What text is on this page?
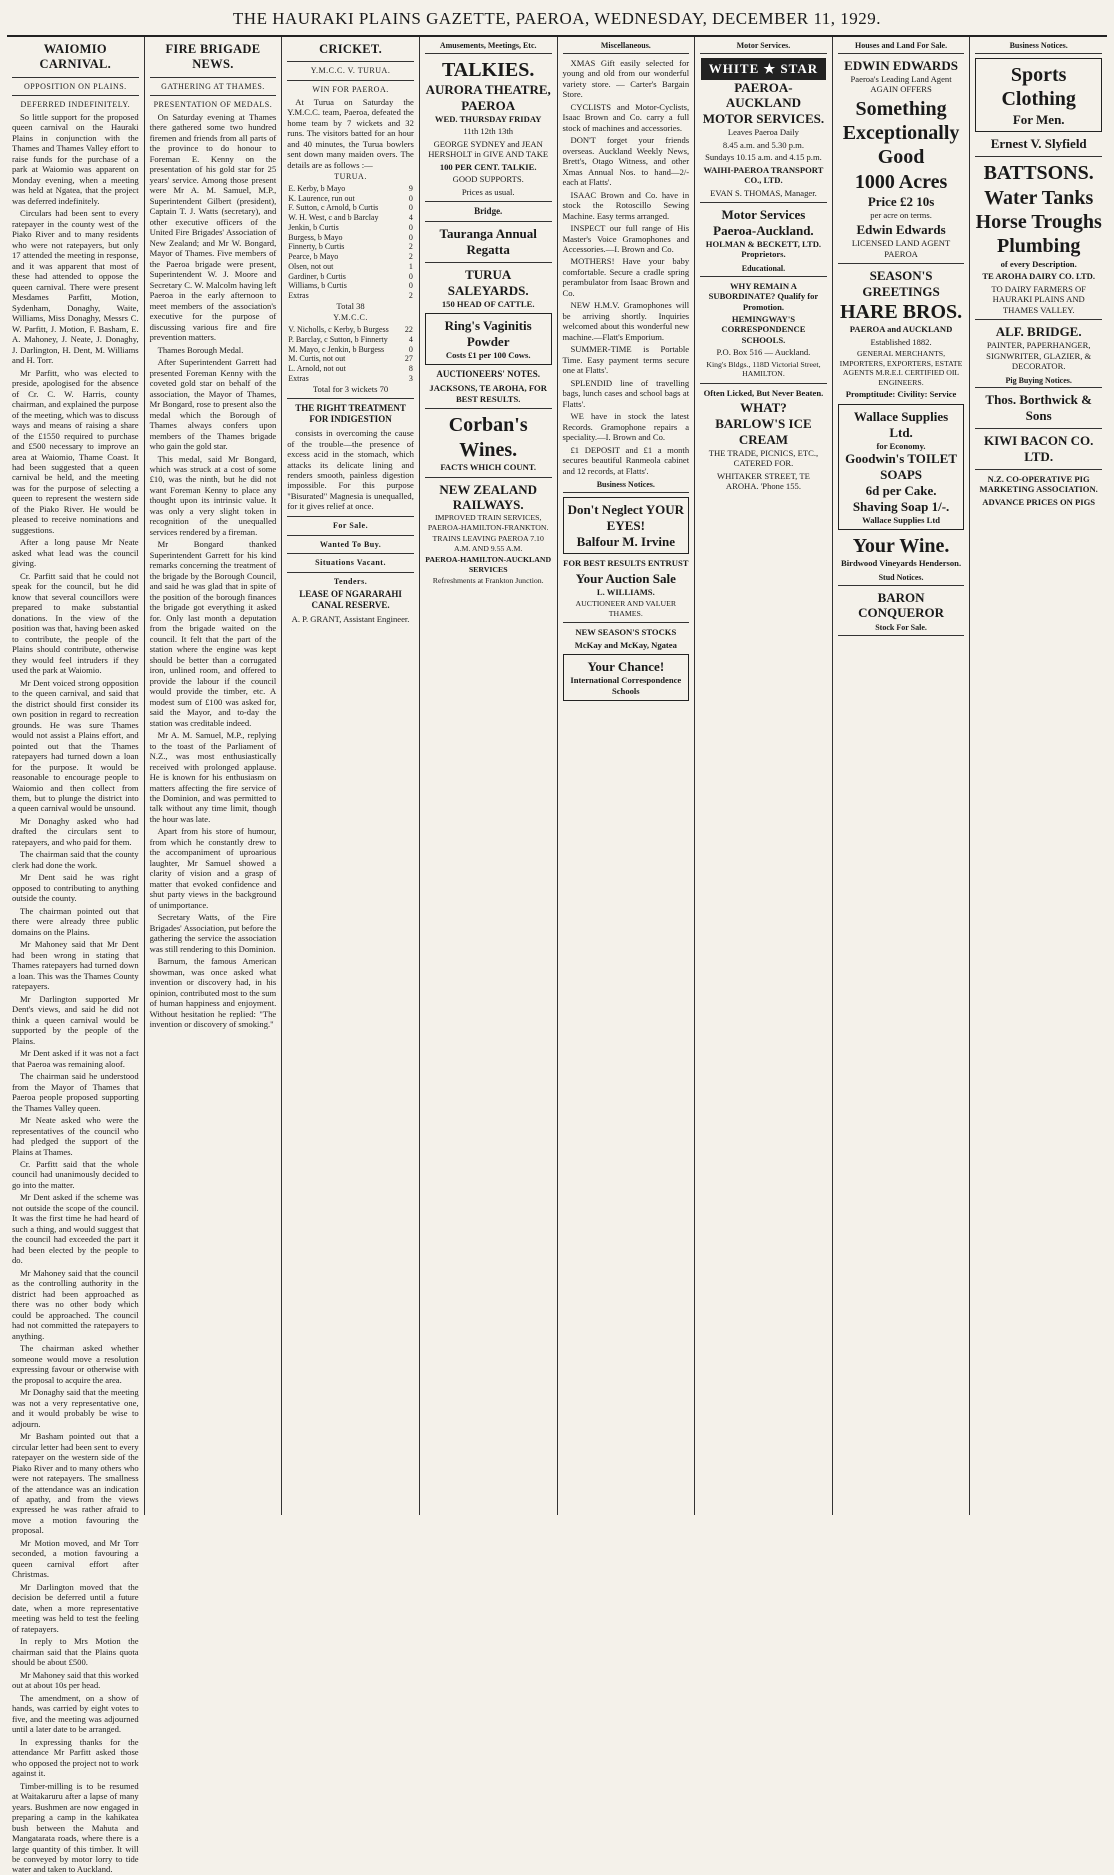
THE HAURAKI PLAINS GAZETTE, PAEROA, WEDNESDAY, DECEMBER 11, 1929.
WAIOMIO CARNIVAL.
OPPOSITION ON PLAINS.
DEFERRED INDEFINITELY.

So little support for the proposed queen carnival on the Hauraki Plains in conjunction with the Thames and Thames Valley effort to raise funds for the purchase of a park at Waiomio was apparent on Monday evening, when a meeting was held at Ngatea, that the project was deferred indefinitely.

Circulars had been sent to every ratepayer in the county west of the Piako River and to many residents who were not ratepayers, but only 17 attended the meeting in response, and it was apparent that most of these had attended to oppose the queen carnival. There were present Mesdames Parfitt, Motion, Sydenham, Donaghy, Waite, Williams, Miss Donaghy, Messrs C. W. Parfitt, J. Motion, F. Basham, E. A. Mahoney, J. Neate, J. Donaghy, J. Darlington, H. Dent, M. Williams and H. Torr.

Mr Parfitt, who was elected to preside, apologised for the absence of Cr. C. W. Harris, county chairman, and explained the purpose of the meeting, which was to discuss ways and means of raising a share of the £1550 required to purchase and £500 necessary to improve an area at Waiomio, Thame Coast. It had been suggested that a queen carnival be held, and the meeting was for the purpose of selecting a queen to represent the western side of the Piako River. He would be pleased to receive nominations and suggestions.

After a long pause Mr Neate asked what lead was the council giving.

Cr. Parfitt said that he could not speak for the council, but he did know that several councillors were prepared to make substantial donations. In the view of the position was that, having been asked to contribute, the people of the Plains should contribute, otherwise they would feel intruders if they used the park at Waiomio.

Mr Dent voiced strong opposition to the queen carnival, and said that the district should first consider its own position in regard to recreation grounds. He was sure Thames would not assist a Plains effort, and pointed out that the Thames ratepayers had turned down a loan for the purpose. It would be reasonable to encourage people to Waiomio and then collect from them, but to plunge the district into a queen carnival would be unsound.

Mr Donaghy asked who had drafted the circulars sent to ratepayers, and who paid for them.

The chairman said that the county clerk had done the work.

Mr Dent said he was right opposed to contributing to anything outside the county.

The chairman pointed out that there were already three public domains on the Plains.

Mr Mahoney said that Mr Dent had been wrong in stating that Thames ratepayers had turned down a loan. This was the Thames County ratepayers.

Mr Darlington supported Mr Dent's views, and said he did not think a queen carnival would be supported by the people of the Plains.

Mr Dent asked if it was not a fact that Paeroa was remaining aloof.

The chairman said he understood from the Mayor of Thames that Paeroa people proposed supporting the Thames Valley queen.

Mr Neate asked who were the representatives of the council who had pledged the support of the Plains at Thames.

Cr. Parfitt said that the whole council had unanimously decided to go into the matter.

Mr Dent asked if the scheme was not outside the scope of the council. It was the first time he had heard of such a thing, and would suggest that the council had exceeded the part it had been elected by the people to do.

Mr Mahoney said that the council as the controlling authority in the district had been approached as there was no other body which could be approached. The council had not committed the ratepayers to anything.

The chairman asked whether someone would move a resolution expressing favour or otherwise with the proposal to acquire the area.

Mr Donaghy said that the meeting was not a very representative one, and it would probably be wise to adjourn.

Mr Basham pointed out that a circular letter had been sent to every ratepayer on the western side of the Piako River and to many others who were not ratepayers. The smallness of the attendance was an indication of apathy, and from the views expressed he was rather afraid to move a motion favouring the proposal.

Mr Motion moved, and Mr Torr seconded, a motion favouring a queen carnival effort after Christmas.

Mr Darlington moved that the decision be deferred until a future date, when a more representative meeting was held to test the feeling of ratepayers.

In reply to Mrs Motion the chairman said that the Plains quota should be about £500.

Mr Mahoney said that this worked out at about 10s per head.

The amendment, on a show of hands, was carried by eight votes to five, and the meeting was adjourned until a later date to be arranged.

In expressing thanks for the attendance Mr Parfitt asked those who opposed the project not to work against it.

Timber-milling is to be resumed at Waitakaruru after a lapse of many years. Bushmen are now engaged in preparing a camp in the kahikatea bush between the Mahuta and Mangatarata roads, where there is a large quantity of this timber. It will be conveyed by motor lorry to tide water and taken to Auckland.

FIRE BRIGADE NEWS.
GATHERING AT THAMES.
PRESENTATION OF MEDALS.

On Saturday evening at Thames there gathered some two hundred firemen and friends from all parts of the province to do honour to Foreman E. Kenny on the presentation of his gold star for 25 years' service. Among those present were Mr A. M. Samuel, M.P., Superintendent Gilbert (president), Captain T. J. Watts (secretary), and other executive officers of the United Fire Brigades' Association of New Zealand; and Mr W. Bongard, Mayor of Thames. Five members of the Paeroa brigade were present, Superintendent W. J. Moore and Secretary C. W. Malcolm having left Paeroa in the early afternoon to meet members of the association's executive for the purpose of discussing various fire and fire prevention matters.

Thames Borough Medal.

After Superintendent Garrett had presented Foreman Kenny with the coveted gold star on behalf of the association, the Mayor of Thames, Mr Bongard, rose to present also the medal which the Borough of Thames always confers upon members of the Thames brigade who gain the gold star.

This medal, said Mr Bongard, which was struck at a cost of some £10, was the ninth, but he did not want Foreman Kenny to place any thought upon its intrinsic value. It was only a very slight token in recognition of the unequalled services rendered by a fireman.

Mr Bongard thanked Superintendent Garrett for his kind remarks concerning the treatment of the brigade by the Borough Council, and said he was glad that in spite of the position of the borough finances the brigade got everything it asked for. Only last month a deputation from the brigade waited on the council. It felt that the part of the station where the engine was kept should be better than a corrugated iron, unlined room, and offered to provide the labour if the council would provide the timber, etc. A modest sum of £100 was asked for, said the Mayor, and to-day the station was creditable indeed.

Mr A. M. Samuel, M.P., replying to the toast of the Parliament of N.Z., was most enthusiastically received with prolonged applause. He is known for his enthusiasm on matters affecting the fire service of the Dominion, and was permitted to talk without any time limit, though the hour was late.

Apart from his store of humour, from which he constantly drew to the accompaniment of uproarious laughter, Mr Samuel showed a clarity of vision and a grasp of matter that evoked confidence and shut party views in the background of unimportance.

Secretary Watts, of the Fire Brigades' Association, put before the gathering the service the association was still rendering to this Dominion.

Barnum, the famous American showman, was once asked what invention or discovery had, in his opinion, contributed most to the sum of human happiness and enjoyment. Without hesitation he replied: "The invention or discovery of smoking."

CRICKET.
Y.M.C.C. V. TURUA.
WIN FOR PAEROA.

At Turua on Saturday the Y.M.C.C. team, Paeroa, defeated the home team by 7 wickets and 32 runs. The visitors batted for an hour and 40 minutes, the Turua bowlers sent down many maiden overs. The details are as follows :—

TURUA.
E. Kerby, b Mayo	9
K. Laurence, run out	0
F. Sutton, c Arnold, b Curtis	0
W. H. West, c and b Barclay	4
Jenkin, b Curtis	0
Burgess, b Mayo	0
Finnerty, b Curtis	2
Pearce, b Mayo	2
Olsen, not out	1
Gardiner, b Curtis	0
Williams, b Curtis	0
Extras	2

Total 38

Y.M.C.C.
V. Nicholls, c Kerby, b Burgess	22
P. Barclay, c Sutton, b Finnerty	4
M. Mayo, c Jenkin, b Burgess	0
M. Curtis, not out	27
L. Arnold, not out	8
Extras	3

Total for 3 wickets 70

THE RIGHT TREATMENT FOR INDIGESTION

consists in overcoming the cause of the trouble—the presence of excess acid in the stomach, which attacks its delicate lining and renders smooth, painless digestion impossible. For this purpose "Bisurated" Magnesia is unequalled, for it gives relief at once.

For Sale.
Wanted To Buy.
Situations Vacant.
Tenders.
LEASE OF NGARARAHI CANAL RESERVE.

A. P. GRANT, Assistant Engineer.

Amusements, Meetings, Etc.
TALKIES.
AURORA THEATRE, PAEROA

WED. THURSDAY FRIDAY

11th 12th 13th

GEORGE SYDNEY and JEAN HERSHOLT in GIVE AND TAKE

100 PER CENT. TALKIE.

GOOD SUPPORTS.

Prices as usual.

Bridge.
Tauranga Annual Regatta
TURUA SALEYARDS.

150 HEAD OF CATTLE.

Ring's Vaginitis Powder
Costs £1 per 100 Cows.
AUCTIONEERS' NOTES.

JACKSONS, TE AROHA, FOR BEST RESULTS.

Corban's Wines.

FACTS WHICH COUNT.

NEW ZEALAND RAILWAYS.

IMPROVED TRAIN SERVICES, PAEROA-HAMILTON-FRANKTON.

TRAINS LEAVING PAEROA 7.10 A.M. AND 9.55 A.M.

PAEROA-HAMILTON-AUCKLAND SERVICES

Refreshments at Frankton Junction.

Miscellaneous.

XMAS Gift easily selected for young and old from our wonderful variety store. — Carter's Bargain Store.

CYCLISTS and Motor-Cyclists, Isaac Brown and Co. carry a full stock of machines and accessories.

DON'T forget your friends overseas. Auckland Weekly News, Brett's, Otago Witness, and other Xmas Annual Nos. to hand—2/- each at Flatts'.

ISAAC Brown and Co. have in stock the Rotoscillo Sewing Machine. Easy terms arranged.

INSPECT our full range of His Master's Voice Gramophones and Accessories.—I. Brown and Co.

MOTHERS! Have your baby comfortable. Secure a cradle spring perambulator from Isaac Brown and Co.

NEW H.M.V. Gramophones will be arriving shortly. Inquiries welcomed about this wonderful new machine.—Flatt's Emporium.

SUMMER-TIME is Portable Time. Easy payment terms secure one at Flatts'.

SPLENDID line of travelling bags, lunch cases and school bags at Flatts'.

WE have in stock the latest Records. Gramophone repairs a speciality.—I. Brown and Co.

£1 DEPOSIT and £1 a month secures beautiful Ranmeola cabinet and 12 records, at Flatts'.

Business Notices.
Don't Neglect YOUR EYES!
Balfour M. Irvine

FOR BEST RESULTS ENTRUST

Your Auction Sale

L. WILLIAMS.

AUCTIONEER AND VALUER THAMES.

NEW SEASON'S STOCKS

McKay and McKay, Ngatea

Your Chance!
International Correspondence Schools
Motor Services.
WHITE ★ STAR
PAEROA-AUCKLAND MOTOR SERVICES.

Leaves Paeroa Daily

8.45 a.m. and 5.30 p.m.

Sundays 10.15 a.m. and 4.15 p.m.

WAIHI-PAEROA TRANSPORT CO., LTD.

EVAN S. THOMAS, Manager.

Motor Services
Paeroa-Auckland.

HOLMAN & BECKETT, LTD. Proprietors.

Educational.

WHY REMAIN A SUBORDINATE? Qualify for Promotion.

HEMINGWAY'S CORRESPONDENCE SCHOOLS.

P.O. Box 516 — Auckland.

King's Bldgs., 118D Victorial Street, HAMILTON.

Often Licked, But Never Beaten.

WHAT?
BARLOW'S ICE CREAM

THE TRADE, PICNICS, ETC., CATERED FOR.

WHITAKER STREET, TE AROHA. 'Phone 155.

Houses and Land For Sale.
EDWIN EDWARDS

Paeroa's Leading Land Agent AGAIN OFFERS

Something Exceptionally Good
1000 Acres
Price £2 10s

per acre on terms.

Edwin Edwards

LICENSED LAND AGENT PAEROA

SEASON'S GREETINGS
HARE BROS.

PAEROA and AUCKLAND

Established 1882.

GENERAL MERCHANTS, IMPORTERS, EXPORTERS, ESTATE AGENTS M.R.E.I. CERTIFIED OIL ENGINEERS.

Promptitude: Civility: Service

Wallace Supplies Ltd.
for Economy.
Goodwin's TOILET SOAPS
6d per Cake.
Shaving Soap 1/-.
Wallace Supplies Ltd
Your Wine.

Birdwood Vineyards Henderson.

Stud Notices.
BARON CONQUEROR
Stock For Sale.
Business Notices.
Sports Clothing
For Men.
Ernest V. Slyfield
BATTSONS.
Water Tanks
Horse Troughs
Plumbing

of every Description.

TE AROHA DAIRY CO. LTD.

TO DAIRY FARMERS OF HAURAKI PLAINS AND THAMES VALLEY.

ALF. BRIDGE.

PAINTER, PAPERHANGER, SIGNWRITER, GLAZIER, & DECORATOR.

Pig Buying Notices.
Thos. Borthwick & Sons
KIWI BACON CO. LTD.

N.Z. CO-OPERATIVE PIG MARKETING ASSOCIATION.

ADVANCE PRICES ON PIGS
